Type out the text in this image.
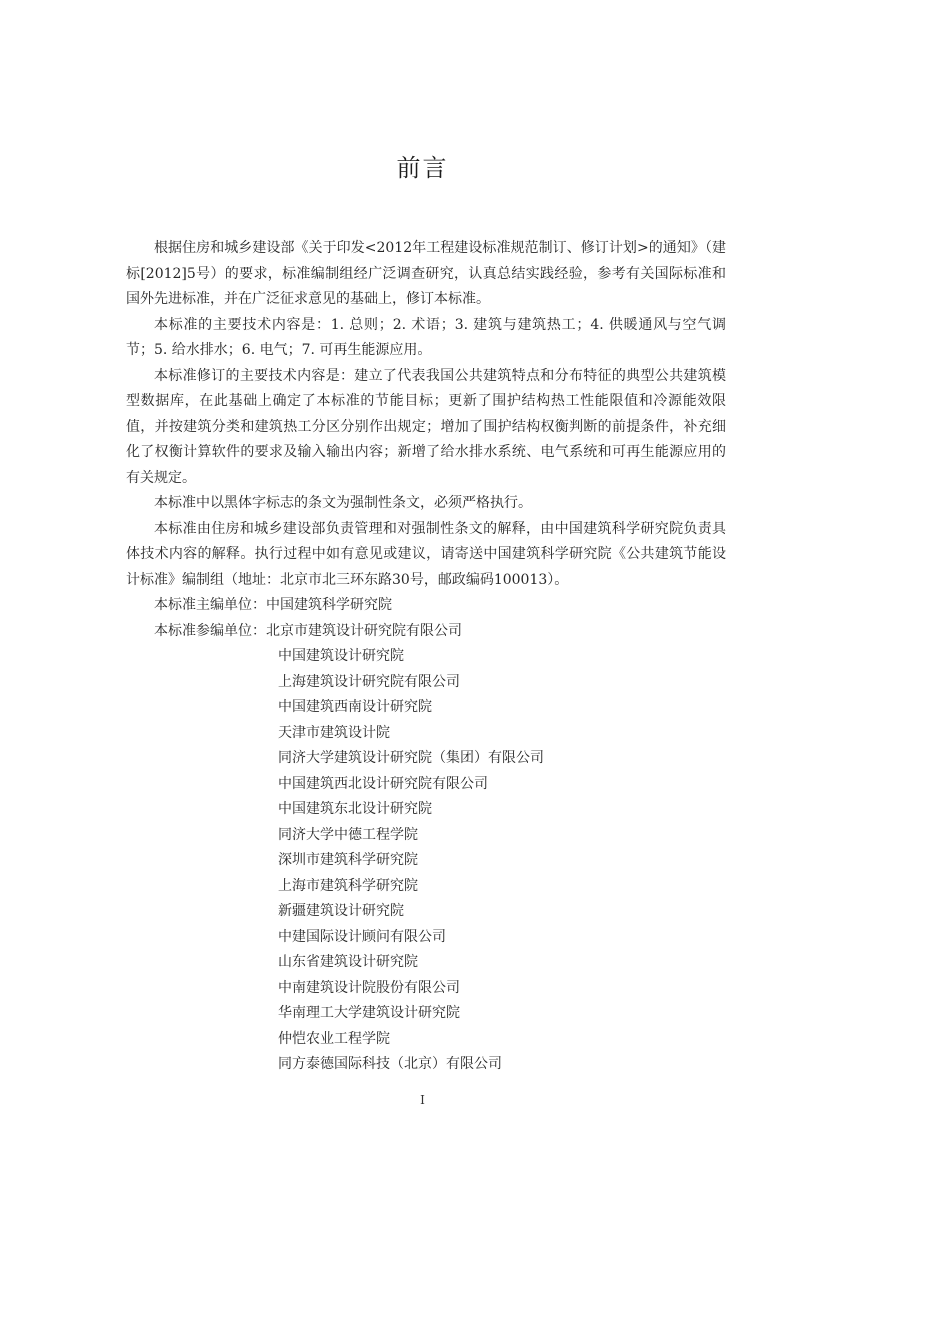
前言

根据住房和城乡建设部《关于印发<2012年工程建设标准规范制订、修订计划>的通知》（建标[2012]5号）的要求，标准编制组经广泛调查研究，认真总结实践经验，参考有关国际标准和国外先进标准，并在广泛征求意见的基础上，修订本标准。

本标准的主要技术内容是：1. 总则；2. 术语；3. 建筑与建筑热工；4. 供暖通风与空气调节；5. 给水排水；6. 电气；7. 可再生能源应用。

本标准修订的主要技术内容是：建立了代表我国公共建筑特点和分布特征的典型公共建筑模型数据库，在此基础上确定了本标准的节能目标；更新了围护结构热工性能限值和冷源能效限值，并按建筑分类和建筑热工分区分别作出规定；增加了围护结构权衡判断的前提条件，补充细化了权衡计算软件的要求及输入输出内容；新增了给水排水系统、电气系统和可再生能源应用的有关规定。

本标准中以黑体字标志的条文为强制性条文，必须严格执行。

本标准由住房和城乡建设部负责管理和对强制性条文的解释，由中国建筑科学研究院负责具体技术内容的解释。执行过程中如有意见或建议，请寄送中国建筑科学研究院《公共建筑节能设计标准》编制组（地址：北京市北三环东路30号，邮政编码100013）。

本标准主编单位：中国建筑科学研究院

本标准参编单位：北京市建筑设计研究院有限公司

中国建筑设计研究院
上海建筑设计研究院有限公司
中国建筑西南设计研究院
天津市建筑设计院
同济大学建筑设计研究院（集团）有限公司
中国建筑西北设计研究院有限公司
中国建筑东北设计研究院
同济大学中德工程学院
深圳市建筑科学研究院
上海市建筑科学研究院
新疆建筑设计研究院
中建国际设计顾问有限公司
山东省建筑设计研究院
中南建筑设计院股份有限公司
华南理工大学建筑设计研究院
仲恺农业工程学院
同方泰德国际科技（北京）有限公司
I
